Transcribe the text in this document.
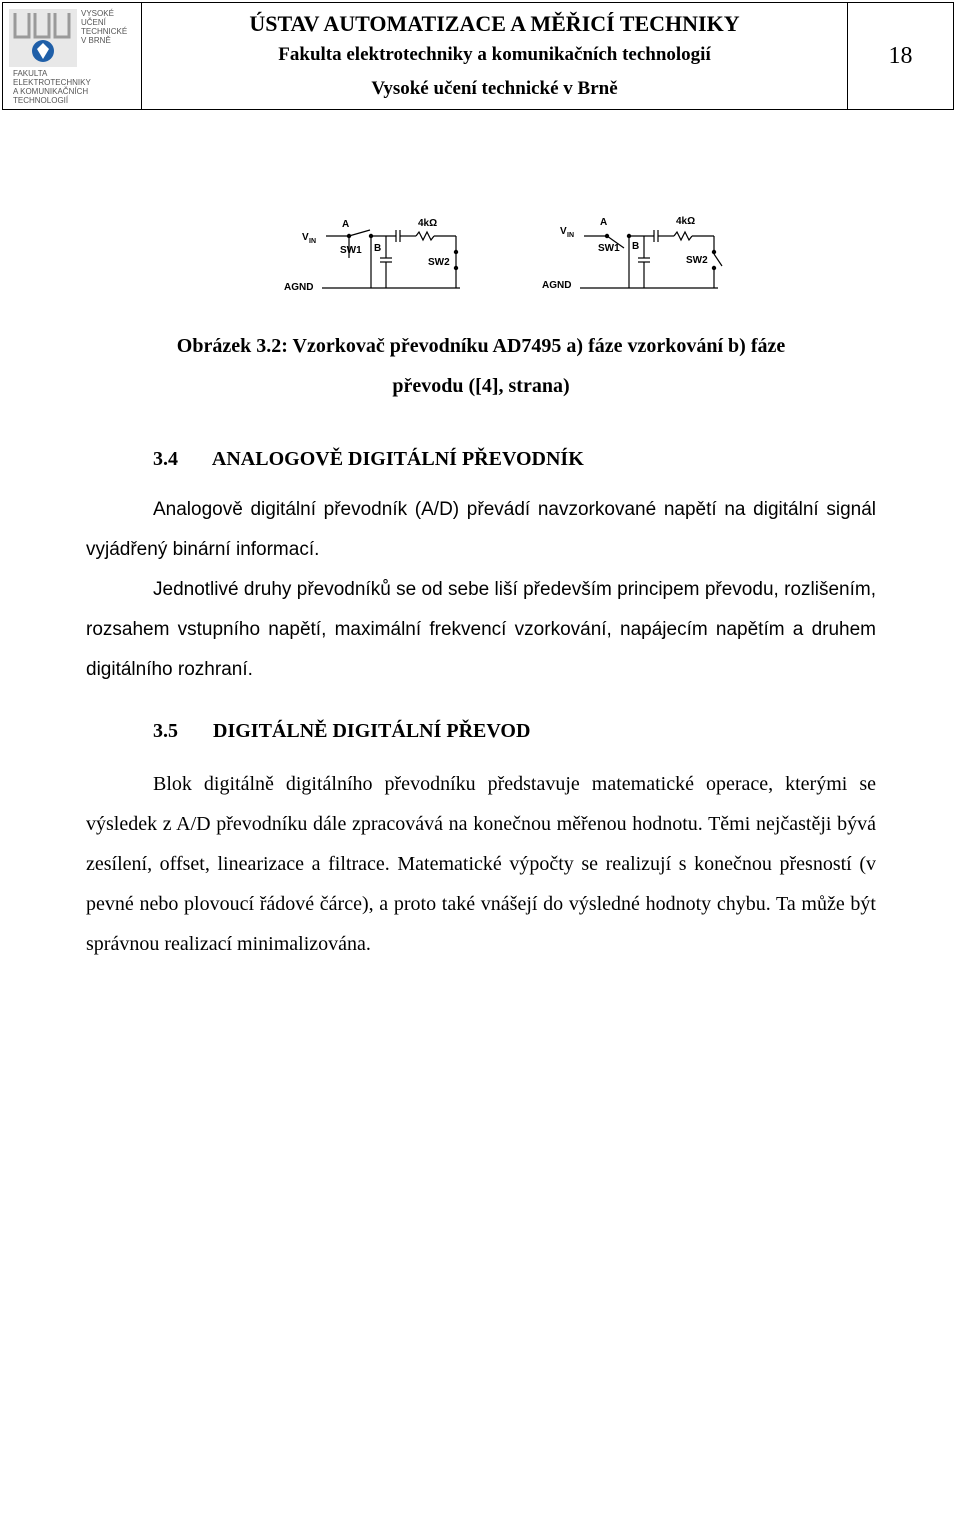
VYSOKÉ
UČENÍ
TECHNICKÉ
V BRNĚ
FAKULTA
ELEKTROTECHNIKY
A KOMUNIKAČNÍCH
TECHNOLOGIÍ
ÚSTAV AUTOMATIZACE A MĚŘICÍ TECHNIKY
Fakulta elektrotechniky a komunikačních technologií
Vysoké učení technické v Brně
18
V IN
A
B
SW1
SW2
4kΩ
AGND
V IN
A
B
SW1
SW2
4kΩ
AGND
Obrázek 3.2: Vzorkovač převodníku AD7495 a) fáze vzorkování b) fáze
převodu ([4], strana)
3.4 ANALOGOVĚ DIGITÁLNÍ PŘEVODNÍK
Analogově digitální převodník (A/D) převádí navzorkované napětí na digitální signál vyjádřený binární informací.
Jednotlivé druhy převodníků se od sebe liší především principem převodu, rozlišením, rozsahem vstupního napětí, maximální frekvencí vzorkování, napájecím napětím a druhem digitálního rozhraní.
3.5 DIGITÁLNĚ DIGITÁLNÍ PŘEVOD
Blok digitálně digitálního převodníku představuje matematické operace, kterými se výsledek z A/D převodníku dále zpracovává na konečnou měřenou hodnotu. Těmi nejčastěji bývá zesílení, offset, linearizace a filtrace. Matematické výpočty se realizují s konečnou přesností (v pevné nebo plovoucí řádové čárce), a proto také vnášejí do výsledné hodnoty chybu. Ta může být správnou realizací minimalizována.
